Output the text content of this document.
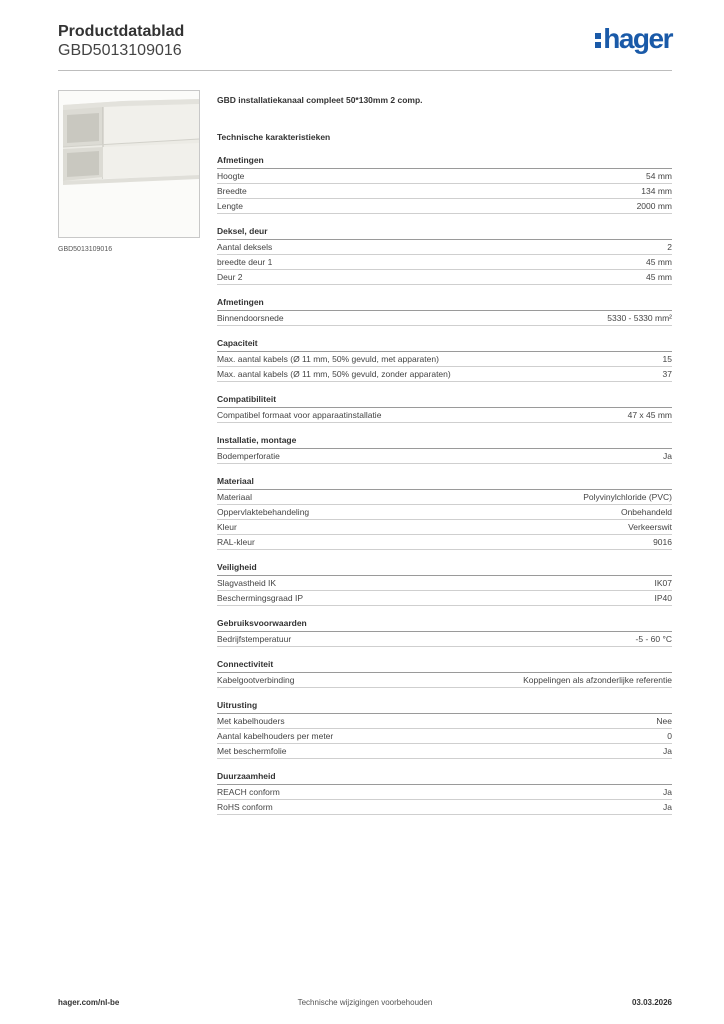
Productdatablad
GBD5013109016	hager
GBD5013109016
GBD installatiekanaal compleet 50*130mm 2 comp.
Technische karakteristieken
Afmetingen
Hoogte	54 mm
Breedte	134 mm
Lengte	2000 mm
Deksel, deur
Aantal deksels	2
breedte deur 1	45 mm
Deur 2	45 mm
Afmetingen
Binnendoorsnede	5330 - 5330 mm²
Capaciteit
Max. aantal kabels (Ø 11 mm, 50% gevuld, met apparaten)	15
Max. aantal kabels (Ø 11 mm, 50% gevuld, zonder apparaten)	37
Compatibiliteit
Compatibel formaat voor apparaatinstallatie	47 x 45 mm
Installatie, montage
Bodemperforatie	Ja
Materiaal
Materiaal	Polyvinylchloride (PVC)
Oppervlaktebehandeling	Onbehandeld
Kleur	Verkeerswit
RAL-kleur	9016
Veiligheid
Slagvastheid IK	IK07
Beschermingsgraad IP	IP40
Gebruiksvoorwaarden
Bedrijfstemperatuur	-5 - 60 °C
Connectiviteit
Kabelgootverbinding	Koppelingen als afzonderlijke referentie
Uitrusting
Met kabelhouders	Nee
Aantal kabelhouders per meter	0
Met beschermfolie	Ja
Duurzaamheid
REACH conform	Ja
RoHS conform	Ja
hager.com/nl-be	Technische wijzigingen voorbehouden	03.03.2026
